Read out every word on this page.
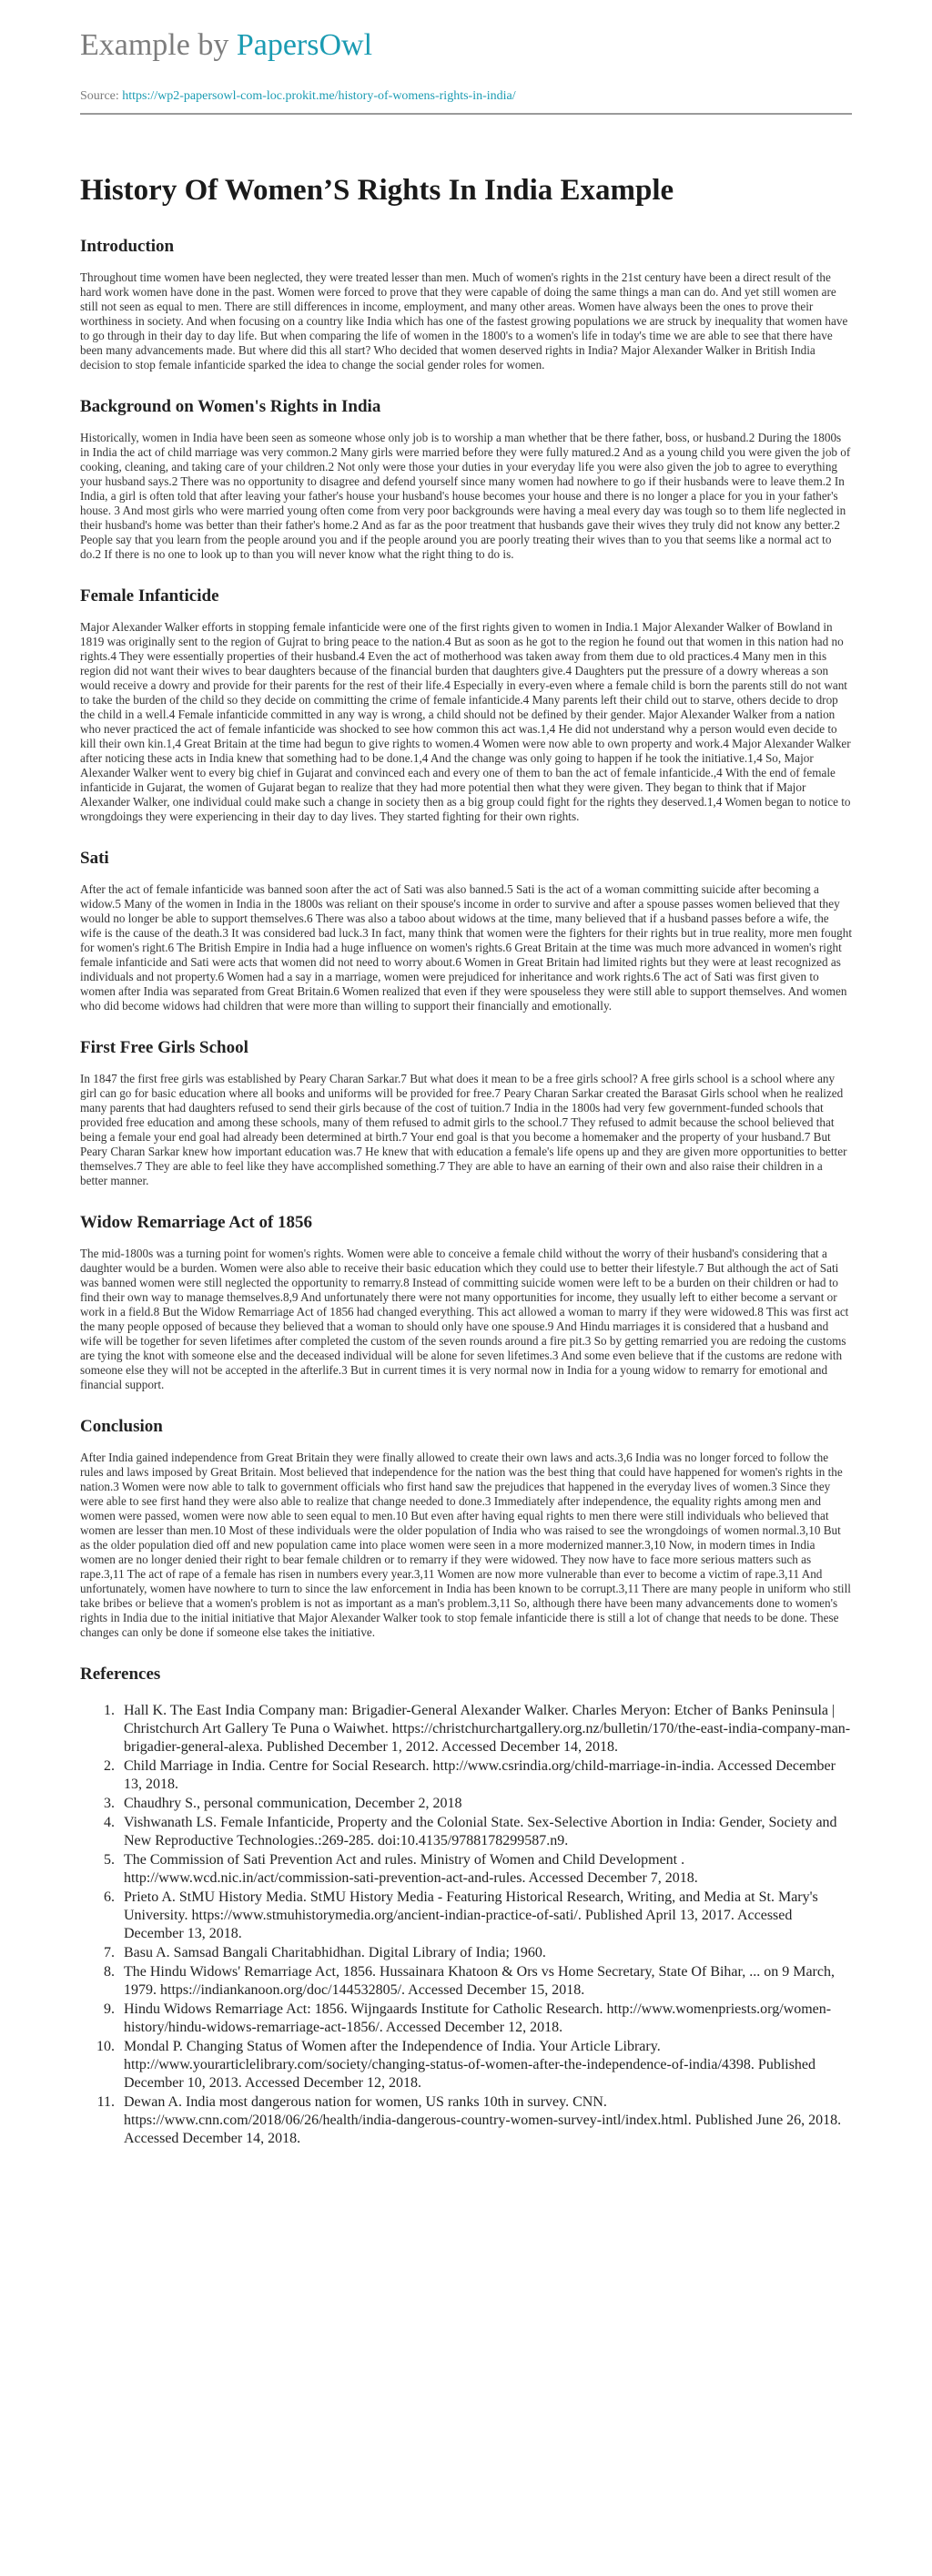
Example by PapersOwl
Source: https://wp2-papersowl-com-loc.prokit.me/history-of-womens-rights-in-india/
History Of Women’S Rights In India Example
Introduction

Throughout time women have been neglected, they were treated lesser than men. Much of women's rights in the 21st century have been a direct result of the hard work women have done in the past. Women were forced to prove that they were capable of doing the same things a man can do. And yet still women are still not seen as equal to men. There are still differences in income, employment, and many other areas. Women have always been the ones to prove their worthiness in society. And when focusing on a country like India which has one of the fastest growing populations we are struck by inequality that women have to go through in their day to day life. But when comparing the life of women in the 1800's to a women's life in today's time we are able to see that there have been many advancements made. But where did this all start? Who decided that women deserved rights in India? Major Alexander Walker in British India decision to stop female infanticide sparked the idea to change the social gender roles for women.

Background on Women's Rights in India

Historically, women in India have been seen as someone whose only job is to worship a man whether that be there father, boss, or husband.2 During the 1800s in India the act of child marriage was very common.2 Many girls were married before they were fully matured.2 And as a young child you were given the job of cooking, cleaning, and taking care of your children.2 Not only were those your duties in your everyday life you were also given the job to agree to everything your husband says.2 There was no opportunity to disagree and defend yourself since many women had nowhere to go if their husbands were to leave them.2 In India, a girl is often told that after leaving your father's house your husband's house becomes your house and there is no longer a place for you in your father's house. 3 And most girls who were married young often come from very poor backgrounds were having a meal every day was tough so to them life neglected in their husband's home was better than their father's home.2 And as far as the poor treatment that husbands gave their wives they truly did not know any better.2 People say that you learn from the people around you and if the people around you are poorly treating their wives than to you that seems like a normal act to do.2 If there is no one to look up to than you will never know what the right thing to do is.

Female Infanticide

Major Alexander Walker efforts in stopping female infanticide were one of the first rights given to women in India.1 Major Alexander Walker of Bowland in 1819 was originally sent to the region of Gujrat to bring peace to the nation.4 But as soon as he got to the region he found out that women in this nation had no rights.4 They were essentially properties of their husband.4 Even the act of motherhood was taken away from them due to old practices.4 Many men in this region did not want their wives to bear daughters because of the financial burden that daughters give.4 Daughters put the pressure of a dowry whereas a son would receive a dowry and provide for their parents for the rest of their life.4 Especially in every-even where a female child is born the parents still do not want to take the burden of the child so they decide on committing the crime of female infanticide.4 Many parents left their child out to starve, others decide to drop the child in a well.4 Female infanticide committed in any way is wrong, a child should not be defined by their gender. Major Alexander Walker from a nation who never practiced the act of female infanticide was shocked to see how common this act was.1,4 He did not understand why a person would even decide to kill their own kin.1,4 Great Britain at the time had begun to give rights to women.4 Women were now able to own property and work.4 Major Alexander Walker after noticing these acts in India knew that something had to be done.1,4 And the change was only going to happen if he took the initiative.1,4 So, Major Alexander Walker went to every big chief in Gujarat and convinced each and every one of them to ban the act of female infanticide.,4 With the end of female infanticide in Gujarat, the women of Gujarat began to realize that they had more potential then what they were given. They began to think that if Major Alexander Walker, one individual could make such a change in society then as a big group could fight for the rights they deserved.1,4 Women began to notice to wrongdoings they were experiencing in their day to day lives. They started fighting for their own rights.

Sati

After the act of female infanticide was banned soon after the act of Sati was also banned.5 Sati is the act of a woman committing suicide after becoming a widow.5 Many of the women in India in the 1800s was reliant on their spouse's income in order to survive and after a spouse passes women believed that they would no longer be able to support themselves.6 There was also a taboo about widows at the time, many believed that if a husband passes before a wife, the wife is the cause of the death.3 It was considered bad luck.3 In fact, many think that women were the fighters for their rights but in true reality, more men fought for women's right.6 The British Empire in India had a huge influence on women's rights.6 Great Britain at the time was much more advanced in women's right female infanticide and Sati were acts that women did not need to worry about.6 Women in Great Britain had limited rights but they were at least recognized as individuals and not property.6 Women had a say in a marriage, women were prejudiced for inheritance and work rights.6 The act of Sati was first given to women after India was separated from Great Britain.6 Women realized that even if they were spouseless they were still able to support themselves. And women who did become widows had children that were more than willing to support their financially and emotionally.

First Free Girls School

In 1847 the first free girls was established by Peary Charan Sarkar.7 But what does it mean to be a free girls school? A free girls school is a school where any girl can go for basic education where all books and uniforms will be provided for free.7 Peary Charan Sarkar created the Barasat Girls school when he realized many parents that had daughters refused to send their girls because of the cost of tuition.7 India in the 1800s had very few government-funded schools that provided free education and among these schools, many of them refused to admit girls to the school.7 They refused to admit because the school believed that being a female your end goal had already been determined at birth.7 Your end goal is that you become a homemaker and the property of your husband.7 But Peary Charan Sarkar knew how important education was.7 He knew that with education a female's life opens up and they are given more opportunities to better themselves.7 They are able to feel like they have accomplished something.7 They are able to have an earning of their own and also raise their children in a better manner.

Widow Remarriage Act of 1856

The mid-1800s was a turning point for women's rights. Women were able to conceive a female child without the worry of their husband's considering that a daughter would be a burden. Women were also able to receive their basic education which they could use to better their lifestyle.7 But although the act of Sati was banned women were still neglected the opportunity to remarry.8 Instead of committing suicide women were left to be a burden on their children or had to find their own way to manage themselves.8,9 And unfortunately there were not many opportunities for income, they usually left to either become a servant or work in a field.8 But the Widow Remarriage Act of 1856 had changed everything. This act allowed a woman to marry if they were widowed.8 This was first act the many people opposed of because they believed that a woman to should only have one spouse.9 And Hindu marriages it is considered that a husband and wife will be together for seven lifetimes after completed the custom of the seven rounds around a fire pit.3 So by getting remarried you are redoing the customs are tying the knot with someone else and the deceased individual will be alone for seven lifetimes.3 And some even believe that if the customs are redone with someone else they will not be accepted in the afterlife.3 But in current times it is very normal now in India for a young widow to remarry for emotional and financial support.

Conclusion

After India gained independence from Great Britain they were finally allowed to create their own laws and acts.3,6 India was no longer forced to follow the rules and laws imposed by Great Britain. Most believed that independence for the nation was the best thing that could have happened for women's rights in the nation.3 Women were now able to talk to government officials who first hand saw the prejudices that happened in the everyday lives of women.3 Since they were able to see first hand they were also able to realize that change needed to done.3 Immediately after independence, the equality rights among men and women were passed, women were now able to seen equal to men.10 But even after having equal rights to men there were still individuals who believed that women are lesser than men.10 Most of these individuals were the older population of India who was raised to see the wrongdoings of women normal.3,10 But as the older population died off and new population came into place women were seen in a more modernized manner.3,10 Now, in modern times in India women are no longer denied their right to bear female children or to remarry if they were widowed. They now have to face more serious matters such as rape.3,11 The act of rape of a female has risen in numbers every year.3,11 Women are now more vulnerable than ever to become a victim of rape.3,11 And unfortunately, women have nowhere to turn to since the law enforcement in India has been known to be corrupt.3,11 There are many people in uniform who still take bribes or believe that a women's problem is not as important as a man's problem.3,11 So, although there have been many advancements done to women's rights in India due to the initial initiative that Major Alexander Walker took to stop female infanticide there is still a lot of change that needs to be done. These changes can only be done if someone else takes the initiative.

References
1. Hall K. The East India Company man: Brigadier-General Alexander Walker. Charles Meryon: Etcher of Banks Peninsula | Christchurch Art Gallery Te Puna o Waiwhet. https://christchurchartgallery.org.nz/bulletin/170/the-east-india-company-man-brigadier-general-alexa. Published December 1, 2012. Accessed December 14, 2018.
2. Child Marriage in India. Centre for Social Research. http://www.csrindia.org/child-marriage-in-india. Accessed December 13, 2018.
3. Chaudhry S., personal communication, December 2, 2018
4. Vishwanath LS. Female Infanticide, Property and the Colonial State. Sex-Selective Abortion in India: Gender, Society and New Reproductive Technologies.:269-285. doi:10.4135/9788178299587.n9.
5. The Commission of Sati Prevention Act and rules. Ministry of Women and Child Development . http://www.wcd.nic.in/act/commission-sati-prevention-act-and-rules. Accessed December 7, 2018.
6. Prieto A. StMU History Media. StMU History Media - Featuring Historical Research, Writing, and Media at St. Mary's University. https://www.stmuhistorymedia.org/ancient-indian-practice-of-sati/. Published April 13, 2017. Accessed December 13, 2018.
7. Basu A. Samsad Bangali Charitabhidhan. Digital Library of India; 1960.
8. The Hindu Widows' Remarriage Act, 1856. Hussainara Khatoon & Ors vs Home Secretary, State Of Bihar, ... on 9 March, 1979. https://indiankanoon.org/doc/144532805/. Accessed December 15, 2018.
9. Hindu Widows Remarriage Act: 1856. Wijngaards Institute for Catholic Research. http://www.womenpriests.org/women-history/hindu-widows-remarriage-act-1856/. Accessed December 12, 2018.
10. Mondal P. Changing Status of Women after the Independence of India. Your Article Library. http://www.yourarticlelibrary.com/society/changing-status-of-women-after-the-independence-of-india/4398. Published December 10, 2013. Accessed December 12, 2018.
11. Dewan A. India most dangerous nation for women, US ranks 10th in survey. CNN. https://www.cnn.com/2018/06/26/health/india-dangerous-country-women-survey-intl/index.html. Published June 26, 2018. Accessed December 14, 2018.
